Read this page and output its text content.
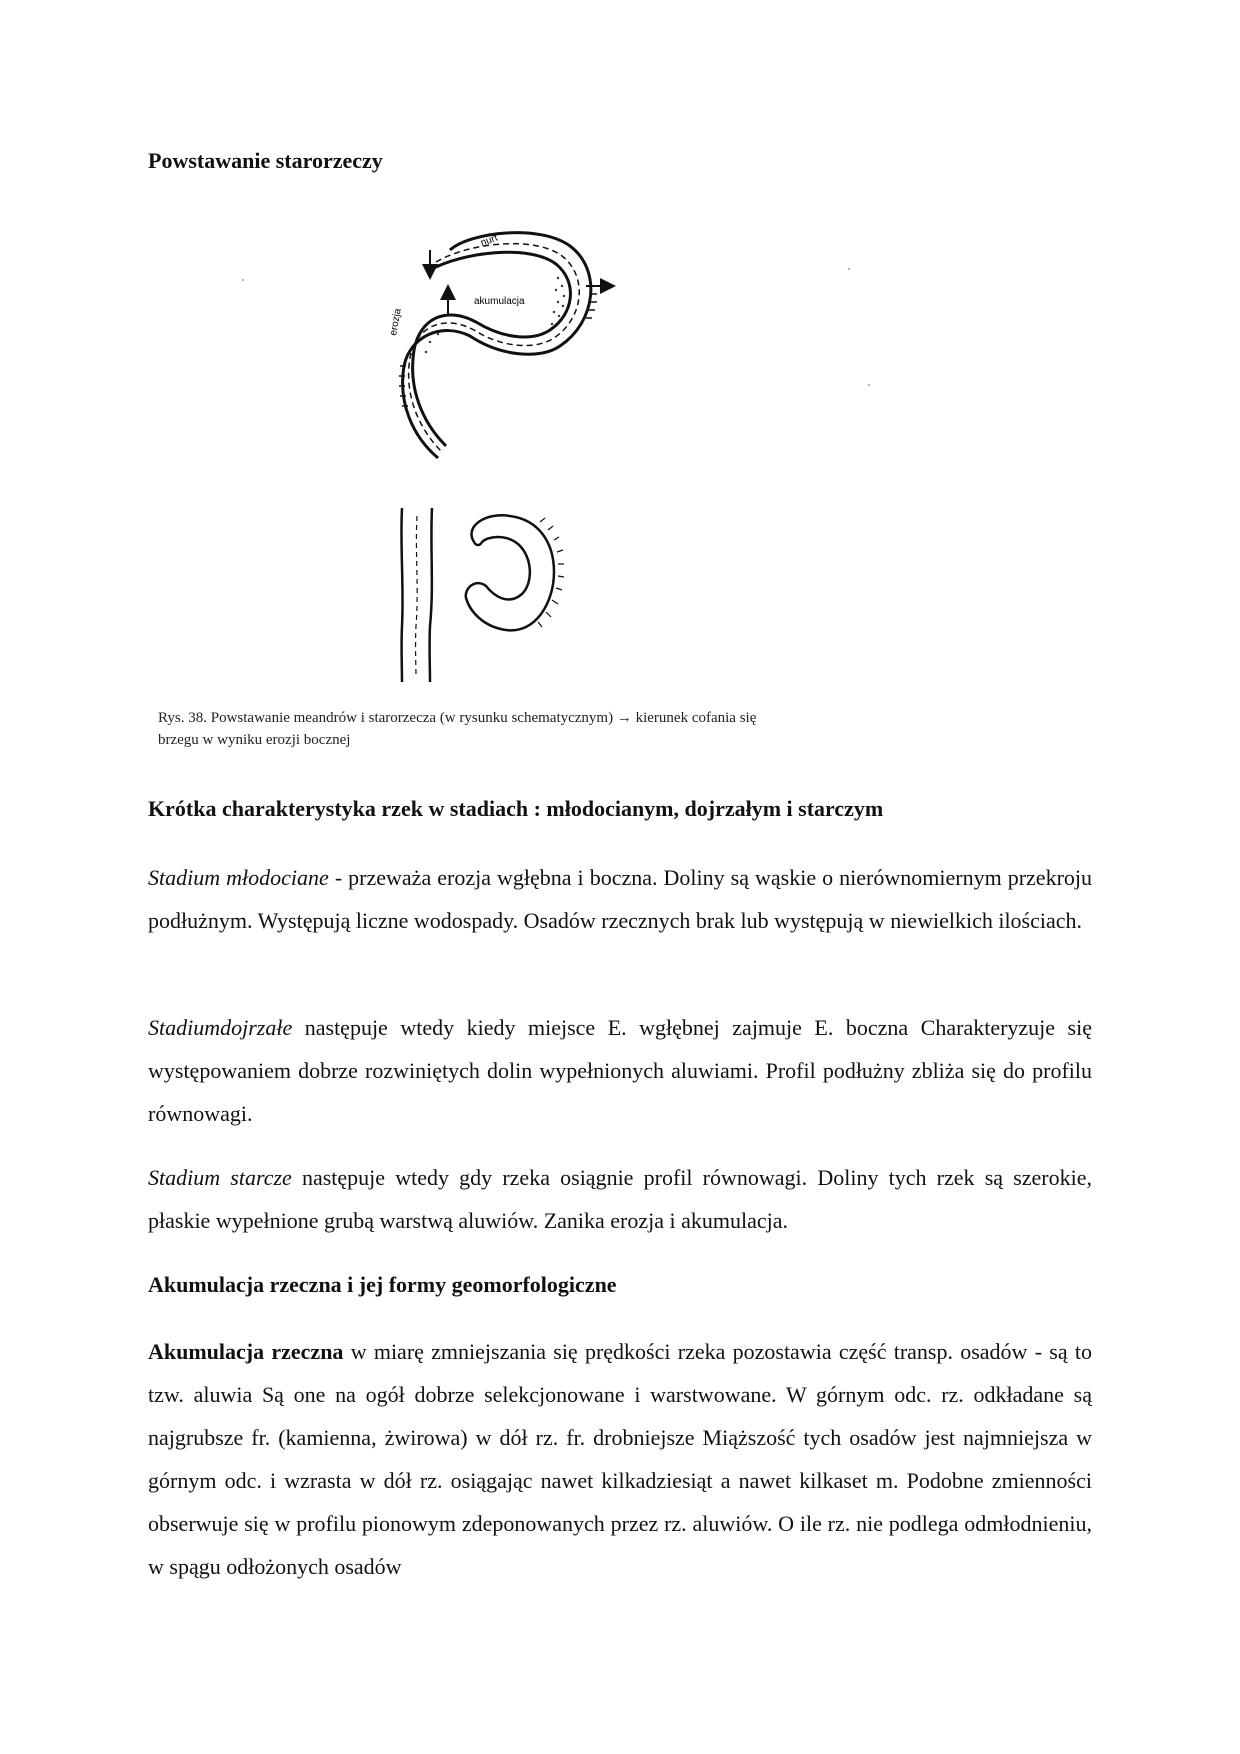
Powstawanie starorzeczy
nurt
akumulacja
erozja

Rys. 38. Powstawanie meandrów i starorzecza (w rysunku schematycznym) → kierunek cofania się
brzegu w wyniku erozji bocznej

Krótka charakterystyka rzek w stadiach : młodocianym, dojrzałym i starczym

Stadium młodociane - przeważa erozja wgłębna i boczna. Doliny są wąskie o nierównomiernym przekroju podłużnym. Występują liczne wodospady. Osadów rzecznych brak lub występują w niewielkich ilościach.

Stadiumdojrzałe następuje wtedy kiedy miejsce E. wgłębnej zajmuje E. boczna Charakteryzuje się występowaniem dobrze rozwiniętych dolin wypełnionych aluwiami. Profil podłużny zbliża się do profilu równowagi.

Stadium starcze następuje wtedy gdy rzeka osiągnie profil równowagi. Doliny tych rzek są szerokie, płaskie wypełnione grubą warstwą aluwiów. Zanika erozja i akumulacja.

Akumulacja rzeczna i jej formy geomorfologiczne

Akumulacja rzeczna w miarę zmniejszania się prędkości rzeka pozostawia część transp. osadów - są to tzw. aluwia Są one na ogół dobrze selekcjonowane i warstwowane. W górnym odc. rz. odkładane są najgrubsze fr. (kamienna, żwirowa) w dół rz. fr. drobniejsze Miąższość tych osadów jest najmniejsza w górnym odc. i wzrasta w dół rz. osiągając nawet kilkadziesiąt a nawet kilkaset m. Podobne zmienności obserwuje się w profilu pionowym zdeponowanych przez rz. aluwiów. O ile rz. nie podlega odmłodnieniu, w spągu odłożonych osadów
